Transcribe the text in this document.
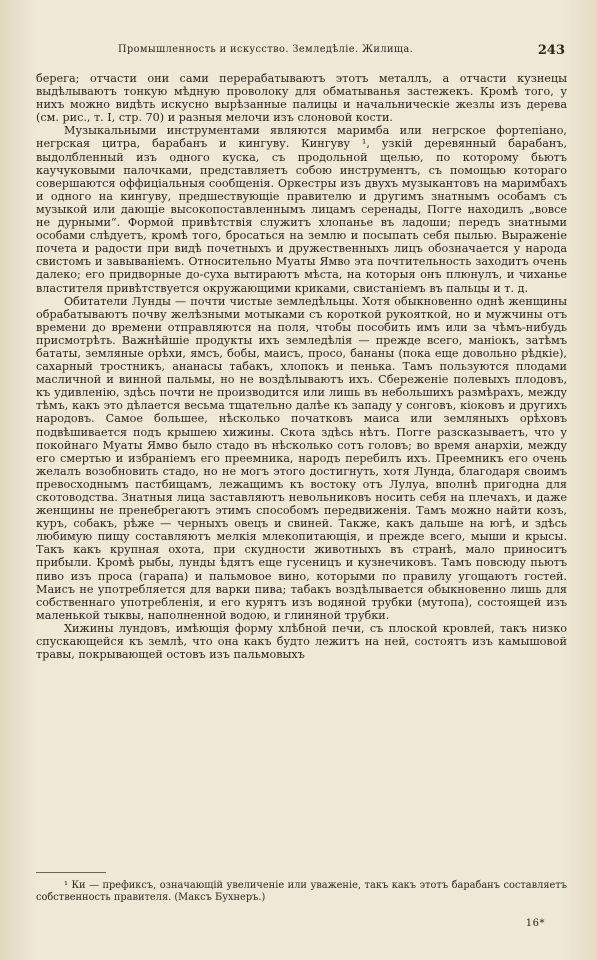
Промышленность и искусство. Земледѣліе. Жилища.	243

берега; отчасти они сами перерабатываютъ этотъ металлъ, а отчасти кузнецы выдѣлываютъ тонкую мѣдную проволоку для обматыванья застежекъ. Кромѣ того, у нихъ можно видѣть искусно вырѣзанные палицы и начальническіе жезлы изъ дерева (см. рис., т. I, стр. 70) и разныя мелочи изъ слоновой кости.

Музыкальными инструментами являются маримба или негрское фортепіано, негрская цитра, барабанъ и кингуву. Кингуву ¹, узкій деревянный барабанъ, выдолбленный изъ одного куска, съ продольной щелью, по которому бьютъ каучуковыми палочками, представляетъ собою инструментъ, съ помощью котораго совершаются оффиціальныя сообщенія. Оркестры изъ двухъ музыкантовъ на маримбахъ и одного на кингуву, предшествующіе правителю и другимъ знатнымъ особамъ съ музыкой или дающіе высокопоставленнымъ лицамъ серенады, Погге находилъ „вовсе не дурными“. Формой привѣтствія служитъ хлопанье въ ладоши; передъ знатными особами слѣдуетъ, кромѣ того, бросаться на землю и посыпать себя пылью. Выраженіе почета и радости при видѣ почетныхъ и дружественныхъ лицъ обозначается у народа свистомъ и завываніемъ. Относительно Муаты Ямво эта почтительность заходитъ очень далеко; его придворные до-суха вытираютъ мѣста, на которыя онъ плюнулъ, и чиханье властителя привѣтствуется окружающими криками, свистаніемъ въ пальцы и т. д.

Обитатели Лунды — почти чистые земледѣльцы. Хотя обыкновенно однѣ женщины обрабатываютъ почву желѣзными мотыками съ короткой рукояткой, но и мужчины отъ времени до времени отправляются на поля, чтобы пособить имъ или за чѣмъ-нибудь присмотрѣть. Важнѣйшіе продукты ихъ земледѣлія — прежде всего, маніокъ, затѣмъ бататы, земляные орѣхи, ямсъ, бобы, маисъ, просо, бананы (пока еще довольно рѣдкіе), сахарный тростникъ, ананасы табакъ, хлопокъ и пенька. Тамъ пользуются плодами масличной и винной пальмы, но не воздѣлываютъ ихъ. Сбереженіе полевыхъ плодовъ, къ удивленію, здѣсь почти не производится или лишь въ небольшихъ размѣрахъ, между тѣмъ, какъ это дѣлается весьма тщательно далѣе къ западу у сонговъ, кіоковъ и другихъ народовъ. Самое большее, нѣсколько початковъ маиса или земляныхъ орѣховъ подвѣшивается подъ крышею хижины. Скота здѣсь нѣтъ. Погге разсказываетъ, что у покойнаго Муаты Ямво было стадо въ нѣсколько сотъ головъ; во время анархіи, между его смертью и избраніемъ его преемника, народъ перебилъ ихъ. Преемникъ его очень желалъ возобновить стадо, но не могъ этого достигнуть, хотя Лунда, благодаря своимъ превосходнымъ пастбищамъ, лежащимъ къ востоку отъ Лулуа, вполнѣ пригодна для скотоводства. Знатныя лица заставляютъ невольниковъ носить себя на плечахъ, и даже женщины не пренебрегаютъ этимъ способомъ передвиженія. Тамъ можно найти козъ, куръ, собакъ, рѣже — черныхъ овецъ и свиней. Также, какъ дальше на югѣ, и здѣсь любимую пищу составляютъ мелкія млекопитающія, и прежде всего, мыши и крысы. Такъ какъ крупная охота, при скудности животныхъ въ странѣ, мало приноситъ прибыли. Кромѣ рыбы, лунды ѣдятъ еще гусеницъ и кузнечиковъ. Тамъ повсюду пьютъ пиво изъ проса (гарапа) и пальмовое вино, которыми по правилу угощаютъ гостей. Маисъ не употребляется для варки пива; табакъ воздѣлывается обыкновенно лишь для собственнаго употребленія, и его курятъ изъ водяной трубки (мутопа), состоящей изъ маленькой тыквы, наполненной водою, и глиняной трубки.

Хижины лундовъ, имѣющія форму хлѣбной печи, съ плоской кровлей, такъ низко спускающейся къ землѣ, что она какъ будто лежитъ на ней, состоятъ изъ камышовой травы, покрывающей остовъ изъ пальмовыхъ

¹ Ки — префиксъ, означающій увеличеніе или уваженіе, такъ какъ этотъ барабанъ составляетъ собственность правителя. (Максъ Бухнеръ.)

16*
